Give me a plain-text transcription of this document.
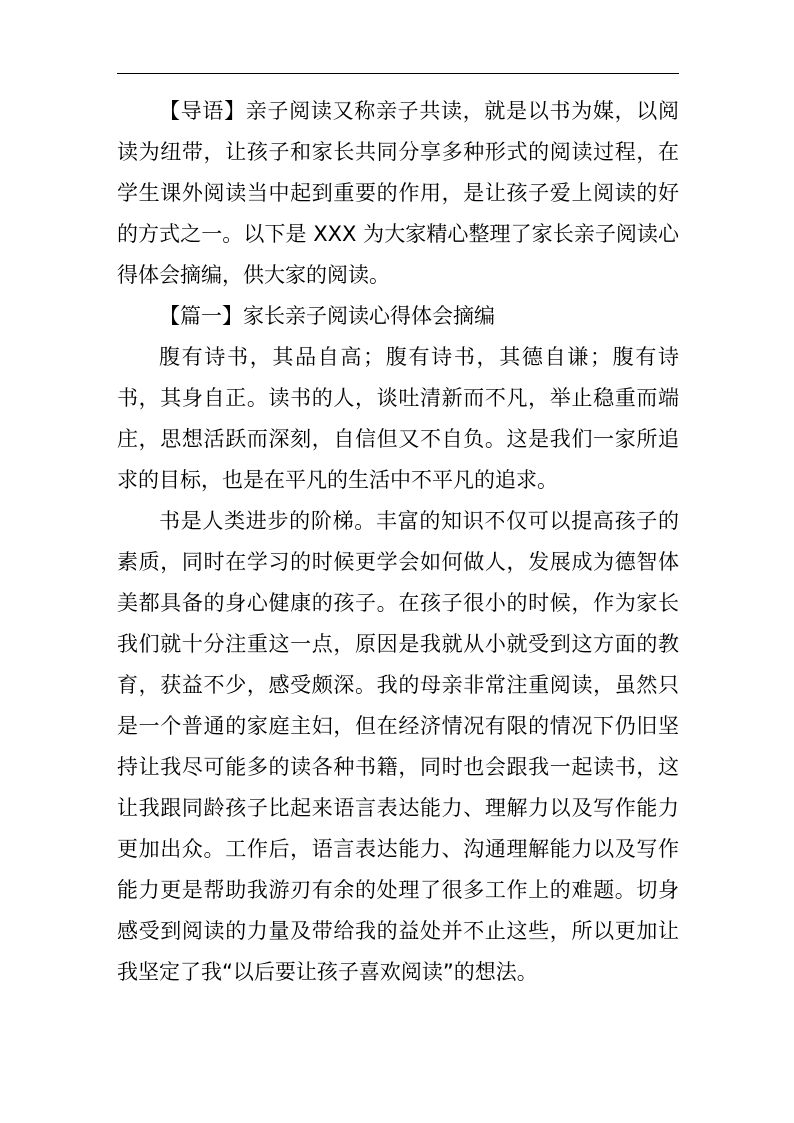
【导语】亲子阅读又称亲子共读，就是以书为媒，以阅读为纽带，让孩子和家长共同分享多种形式的阅读过程，在学生课外阅读当中起到重要的作用，是让孩子爱上阅读的好的方式之一。以下是 XXX 为大家精心整理了家长亲子阅读心得体会摘编，供大家的阅读。

【篇一】家长亲子阅读心得体会摘编

腹有诗书，其品自高；腹有诗书，其德自谦；腹有诗书，其身自正。读书的人，谈吐清新而不凡，举止稳重而端庄，思想活跃而深刻，自信但又不自负。这是我们一家所追求的目标，也是在平凡的生活中不平凡的追求。

书是人类进步的阶梯。丰富的知识不仅可以提高孩子的素质，同时在学习的时候更学会如何做人，发展成为德智体美都具备的身心健康的孩子。在孩子很小的时候，作为家长我们就十分注重这一点，原因是我就从小就受到这方面的教育，获益不少，感受颇深。我的母亲非常注重阅读，虽然只是一个普通的家庭主妇，但在经济情况有限的情况下仍旧坚持让我尽可能多的读各种书籍，同时也会跟我一起读书，这让我跟同龄孩子比起来语言表达能力、理解力以及写作能力更加出众。工作后，语言表达能力、沟通理解能力以及写作能力更是帮助我游刃有余的处理了很多工作上的难题。切身感受到阅读的力量及带给我的益处并不止这些，所以更加让我坚定了我“以后要让孩子喜欢阅读”的想法。
